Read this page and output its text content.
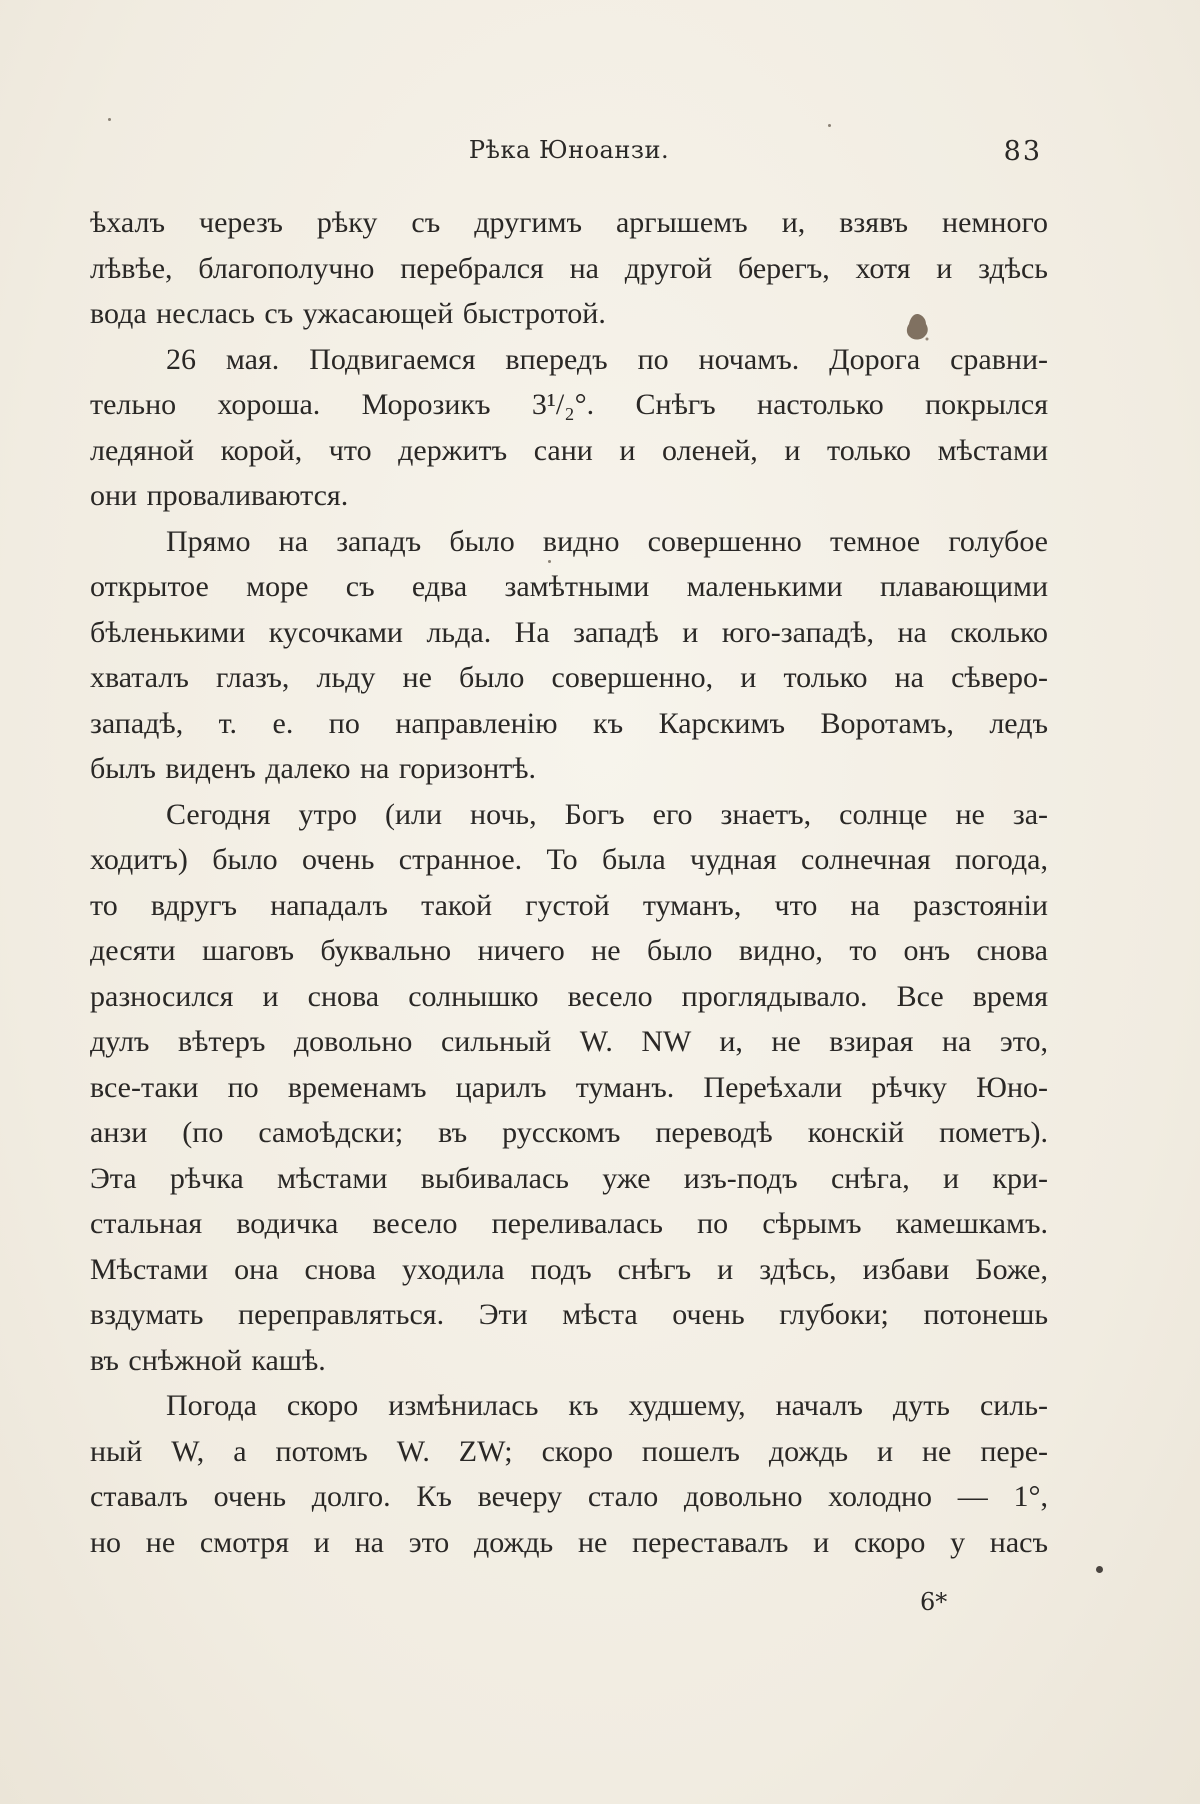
Рѣка Юноанзи.	83
ѣхалъ черезъ рѣку съ другимъ аргышемъ и, взявъ немного
лѣвѣе, благополучно перебрался на другой берегъ, хотя и здѣсь
вода неслась съ ужасающей быстротой.
26 мая. Подвигаемся впередъ по ночамъ. Дорога сравни-
тельно хороша. Морозикъ 3¹/₂°. Снѣгъ настолько покрылся
ледяной корой, что держитъ сани и оленей, и только мѣстами
они проваливаются.
Прямо на западъ было видно совершенно темное голубое
открытое море съ едва замѣтными маленькими плавающими
бѣленькими кусочками льда. На западѣ и юго-западѣ, на сколько
хваталъ глазъ, льду не было совершенно, и только на сѣверо-
западѣ, т. е. по направленію къ Карскимъ Воротамъ, ледъ
былъ виденъ далеко на горизонтѣ.
Сегодня утро (или ночь, Богъ его знаетъ, солнце не за-
ходитъ) было очень странное. То была чудная солнечная погода,
то вдругъ нападалъ такой густой туманъ, что на разстояніи
десяти шаговъ буквально ничего не было видно, то онъ снова
разносился и снова солнышко весело проглядывало. Все время
дулъ вѣтеръ довольно сильный W. NW и, не взирая на это,
все-таки по временамъ царилъ туманъ. Переѣхали рѣчку Юно-
анзи (по самоѣдски; въ русскомъ переводѣ конскій пометъ).
Эта рѣчка мѣстами выбивалась уже изъ-подъ снѣга, и кри-
стальная водичка весело переливалась по сѣрымъ камешкамъ.
Мѣстами она снова уходила подъ снѣгъ и здѣсь, избави Боже,
вздумать переправляться. Эти мѣста очень глубоки; потонешь
въ снѣжной кашѣ.
Погода скоро измѣнилась къ худшему, началъ дуть силь-
ный W, а потомъ W. ZW; скоро пошелъ дождь и не пере-
ставалъ очень долго. Къ вечеру стало довольно холодно — 1°,
но не смотря и на это дождь не переставалъ и скоро у насъ
6*
